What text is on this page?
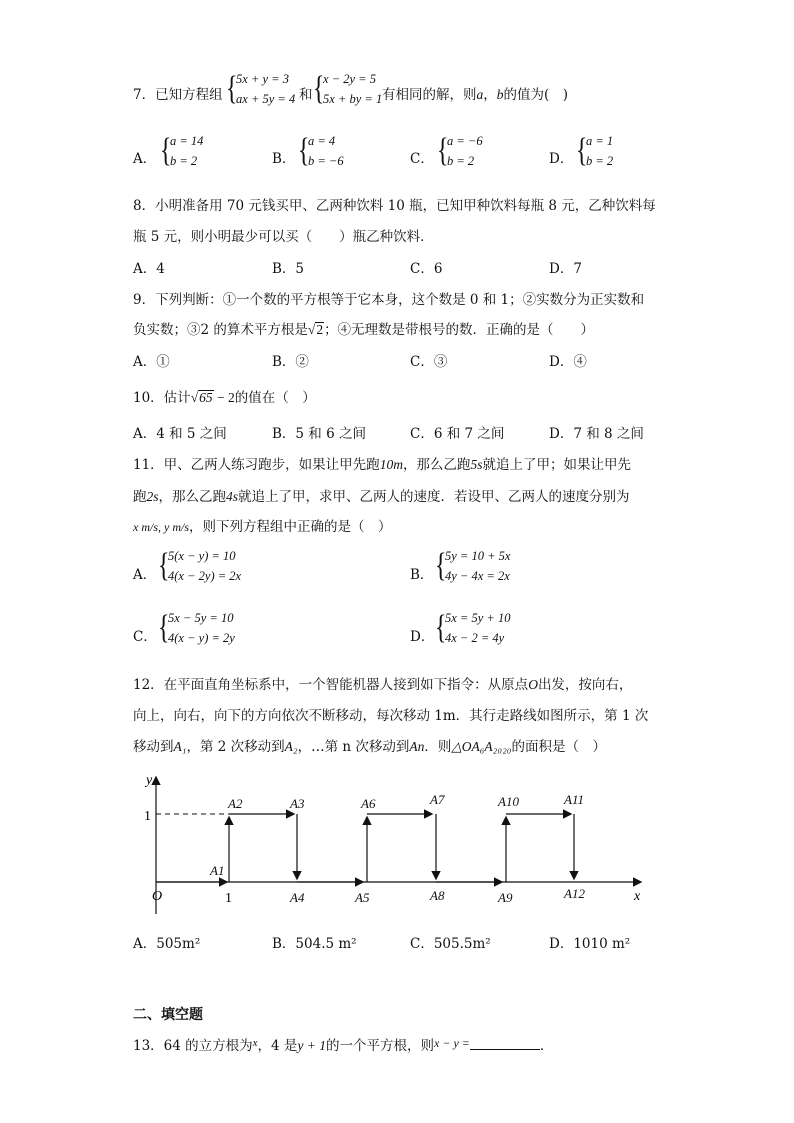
7．已知方程组 {
5x + y = 3
ax + 5y = 4 和 {
x − 2y = 5
5x + by = 1 有相同的解，则a，b的值为(　)
A． {
a = 14
b = 2	B． {
a = 4
b = −6	C． {
a = −6
b = 2	D． {
a = 1
b = 2
8．小明准备用 70 元钱买甲、乙两种饮料 10 瓶，已知甲种饮料每瓶 8 元，乙种饮料每
瓶 5 元，则小明最少可以买（　　）瓶乙种饮料．
A．4	B．5	C．6	D．7
9．下列判断：①一个数的平方根等于它本身，这个数是 0 和 1；②实数分为正实数和
负实数；③2 的算术平方根是√2；④无理数是带根号的数．正确的是（　　）
A．①	B．②	C．③	D．④
10．估计√65 − 2的值在（　）
A．4 和 5 之间	B．5 和 6 之间	C．6 和 7 之间	D．7 和 8 之间
11．甲、乙两人练习跑步，如果让甲先跑10m，那么乙跑5s就追上了甲；如果让甲先
跑2s，那么乙跑4s就追上了甲，求甲、乙两人的速度．若设甲、乙两人的速度分别为
x m/s, y m/s，则下列方程组中正确的是（　）
A． {
5(x − y) = 10
4(x − 2y) = 2x	B． {
5y = 10 + 5x
4y − 4x = 2x
C． {
5x − 5y = 10
4(x − y) = 2y	D． {
5x = 5y + 10
4x − 2 = 4y
12．在平面直角坐标系中，一个智能机器人接到如下指令：从原点O出发，按向右，
向上，向右，向下的方向依次不断移动，每次移动 1m．其行走路线如图所示，第 1 次
移动到A₁，第 2 次移动到A₂，…第 n 次移动到An．则△OA₆A₂₀₂₀的面积是（　）
y
x
O
1
1
A1
A2	A3
A4	A5
A6	A7
A8	A9
A10	A11
A12
A．505m²	B．504.5 m²	C．505.5m²	D．1010 m²
二、填空题
13．64 的立方根为$^x$，4 是y + 1的一个平方根，则x − y =	．
